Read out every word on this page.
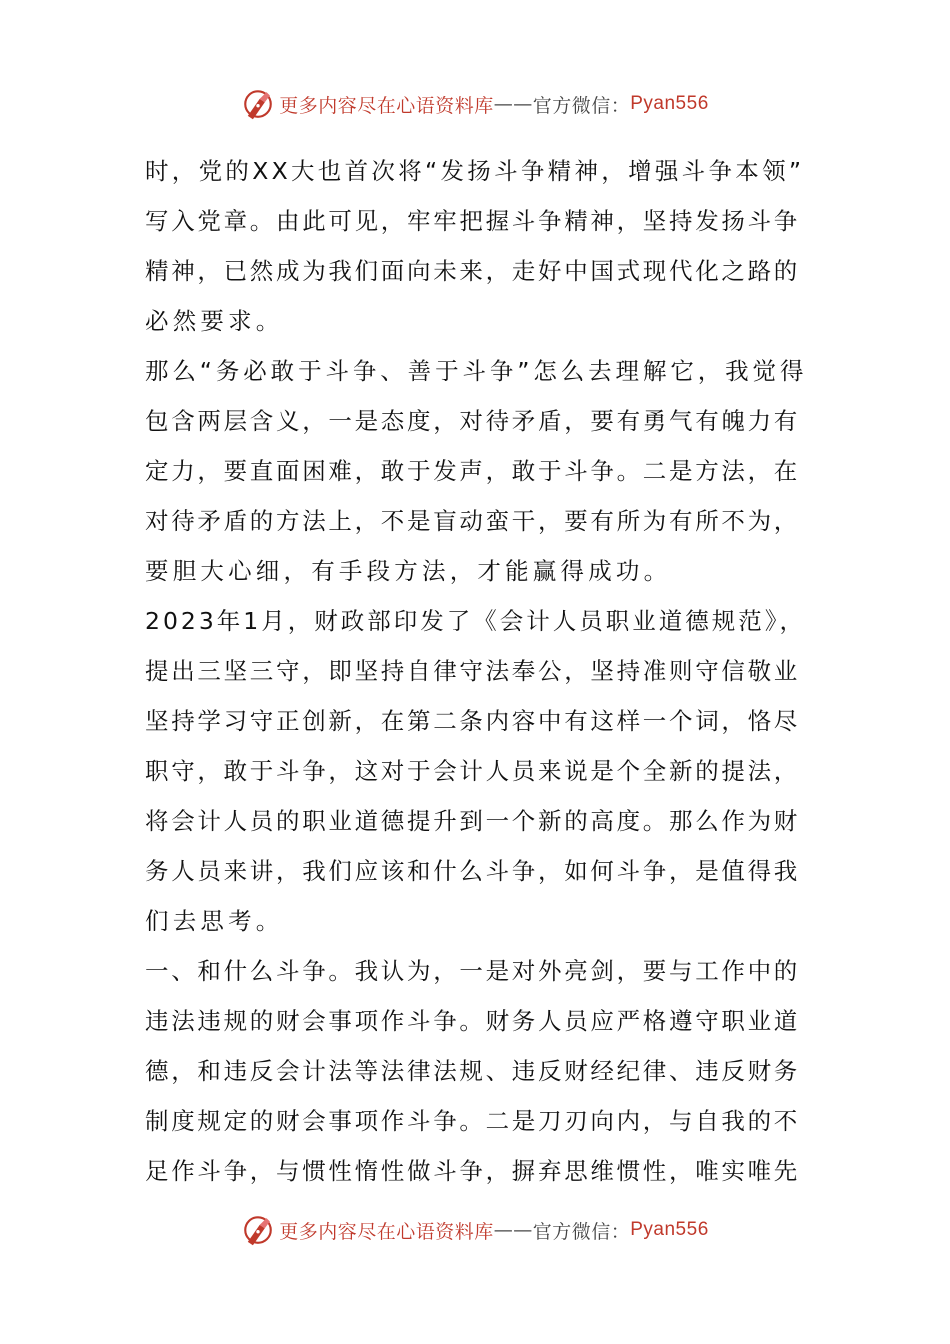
更多内容尽在心语资料库 —— 官方微信： Pyan556
时，党的XX大也首次将“发扬斗争精神，增强斗争本领”
写入党章。由此可见，牢牢把握斗争精神，坚持发扬斗争
精神，已然成为我们面向未来，走好中国式现代化之路的
必然要求。
那么“务必敢于斗争、善于斗争”怎么去理解它，我觉得
包含两层含义，一是态度，对待矛盾，要有勇气有魄力有
定力，要直面困难，敢于发声，敢于斗争。二是方法，在
对待矛盾的方法上，不是盲动蛮干，要有所为有所不为，
要胆大心细，有手段方法，才能赢得成功。
2023年1月，财政部印发了《会计人员职业道德规范》，
提出三坚三守，即坚持自律守法奉公，坚持准则守信敬业
坚持学习守正创新，在第二条内容中有这样一个词，恪尽
职守，敢于斗争，这对于会计人员来说是个全新的提法，
将会计人员的职业道德提升到一个新的高度。那么作为财
务人员来讲，我们应该和什么斗争，如何斗争，是值得我
们去思考。
一、和什么斗争。我认为，一是对外亮剑，要与工作中的
违法违规的财会事项作斗争。财务人员应严格遵守职业道
德，和违反会计法等法律法规、违反财经纪律、违反财务
制度规定的财会事项作斗争。二是刀刃向内，与自我的不
足作斗争，与惯性惰性做斗争，摒弃思维惯性，唯实唯先
更多内容尽在心语资料库 —— 官方微信： Pyan556
